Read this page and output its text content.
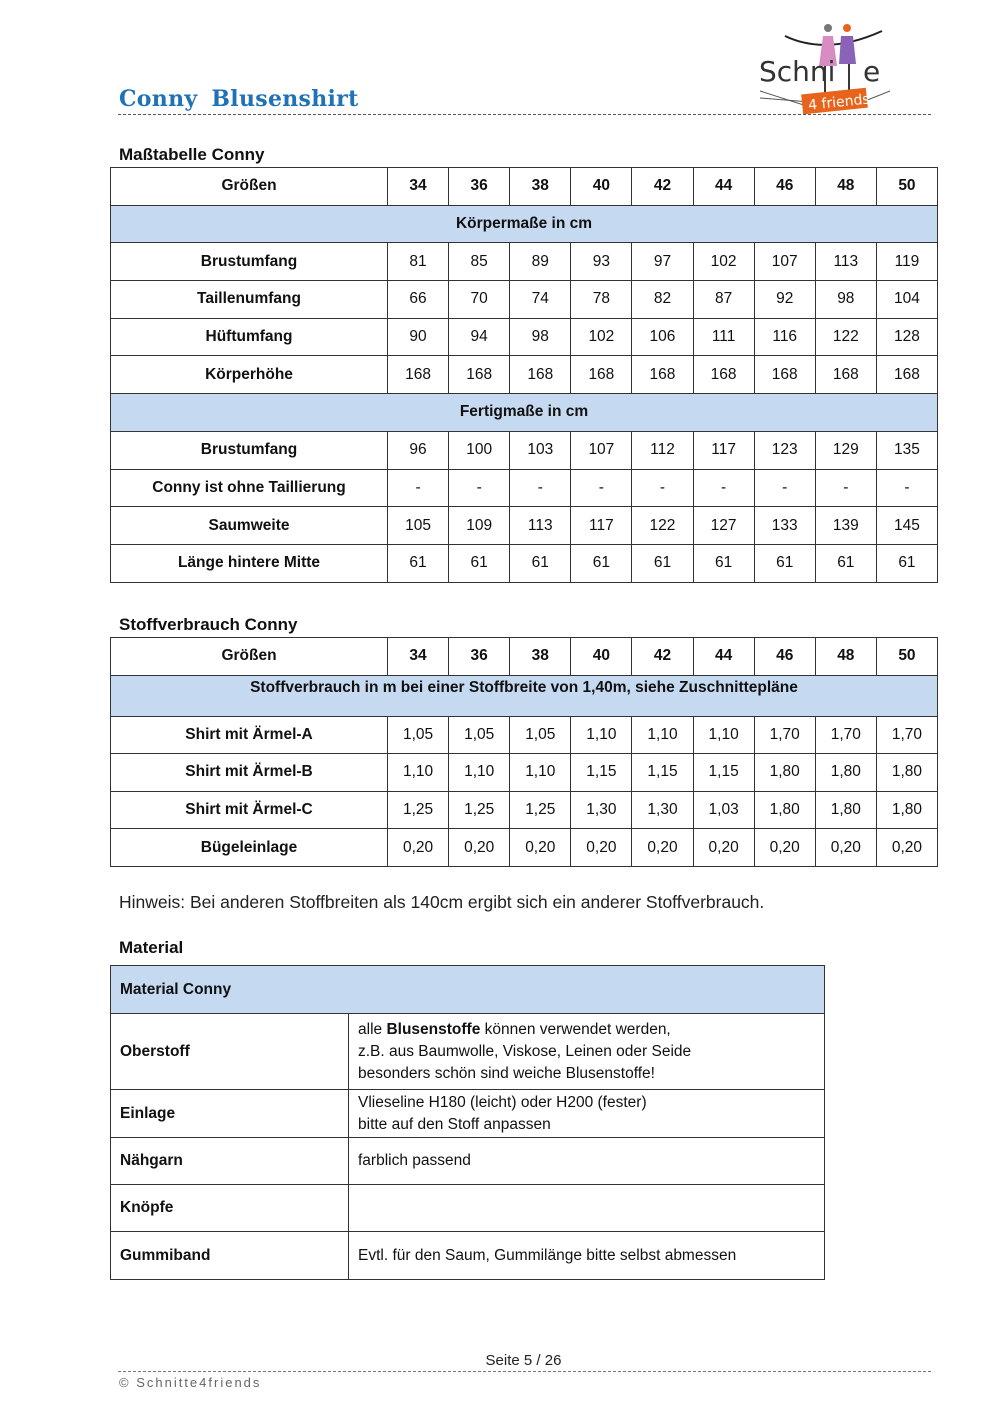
Conny Blusenshirt
Schni e
4 friends
Maßtabelle Conny
Größen	34	36	38	40	42	44	46	48	50
Körpermaße in cm									
Brustumfang	81	85	89	93	97	102	107	113	119
Taillenumfang	66	70	74	78	82	87	92	98	104
Hüftumfang	90	94	98	102	106	111	116	122	128
Körperhöhe	168	168	168	168	168	168	168	168	168
Fertigmaße in cm									
Brustumfang	96	100	103	107	112	117	123	129	135
Conny ist ohne Taillierung	-	-	-	-	-	-	-	-	-
Saumweite	105	109	113	117	122	127	133	139	145
Länge hintere Mitte	61	61	61	61	61	61	61	61	61
Stoffverbrauch Conny
Größen	34	36	38	40	42	44	46	48	50
Stoffverbrauch in m bei einer Stoffbreite von 1,40m, siehe Zuschnittepläne									
Shirt mit Ärmel-A	1,05	1,05	1,05	1,10	1,10	1,10	1,70	1,70	1,70
Shirt mit Ärmel-B	1,10	1,10	1,10	1,15	1,15	1,15	1,80	1,80	1,80
Shirt mit Ärmel-C	1,25	1,25	1,25	1,30	1,30	1,03	1,80	1,80	1,80
Bügeleinlage	0,20	0,20	0,20	0,20	0,20	0,20	0,20	0,20	0,20
Hinweis: Bei anderen Stoffbreiten als 140cm ergibt sich ein anderer Stoffverbrauch.
Material
Material Conny	
Oberstoff	alle Blusenstoffe können verwendet werden,
z.B. aus Baumwolle, Viskose, Leinen oder Seide
besonders schön sind weiche Blusenstoffe!
Einlage	Vlieseline H180 (leicht) oder H200 (fester)
bitte auf den Stoff anpassen
Nähgarn	farblich passend
Knöpfe	
Gummiband	Evtl. für den Saum, Gummilänge bitte selbst abmessen
Seite 5 / 26
© Schnitte4friends
